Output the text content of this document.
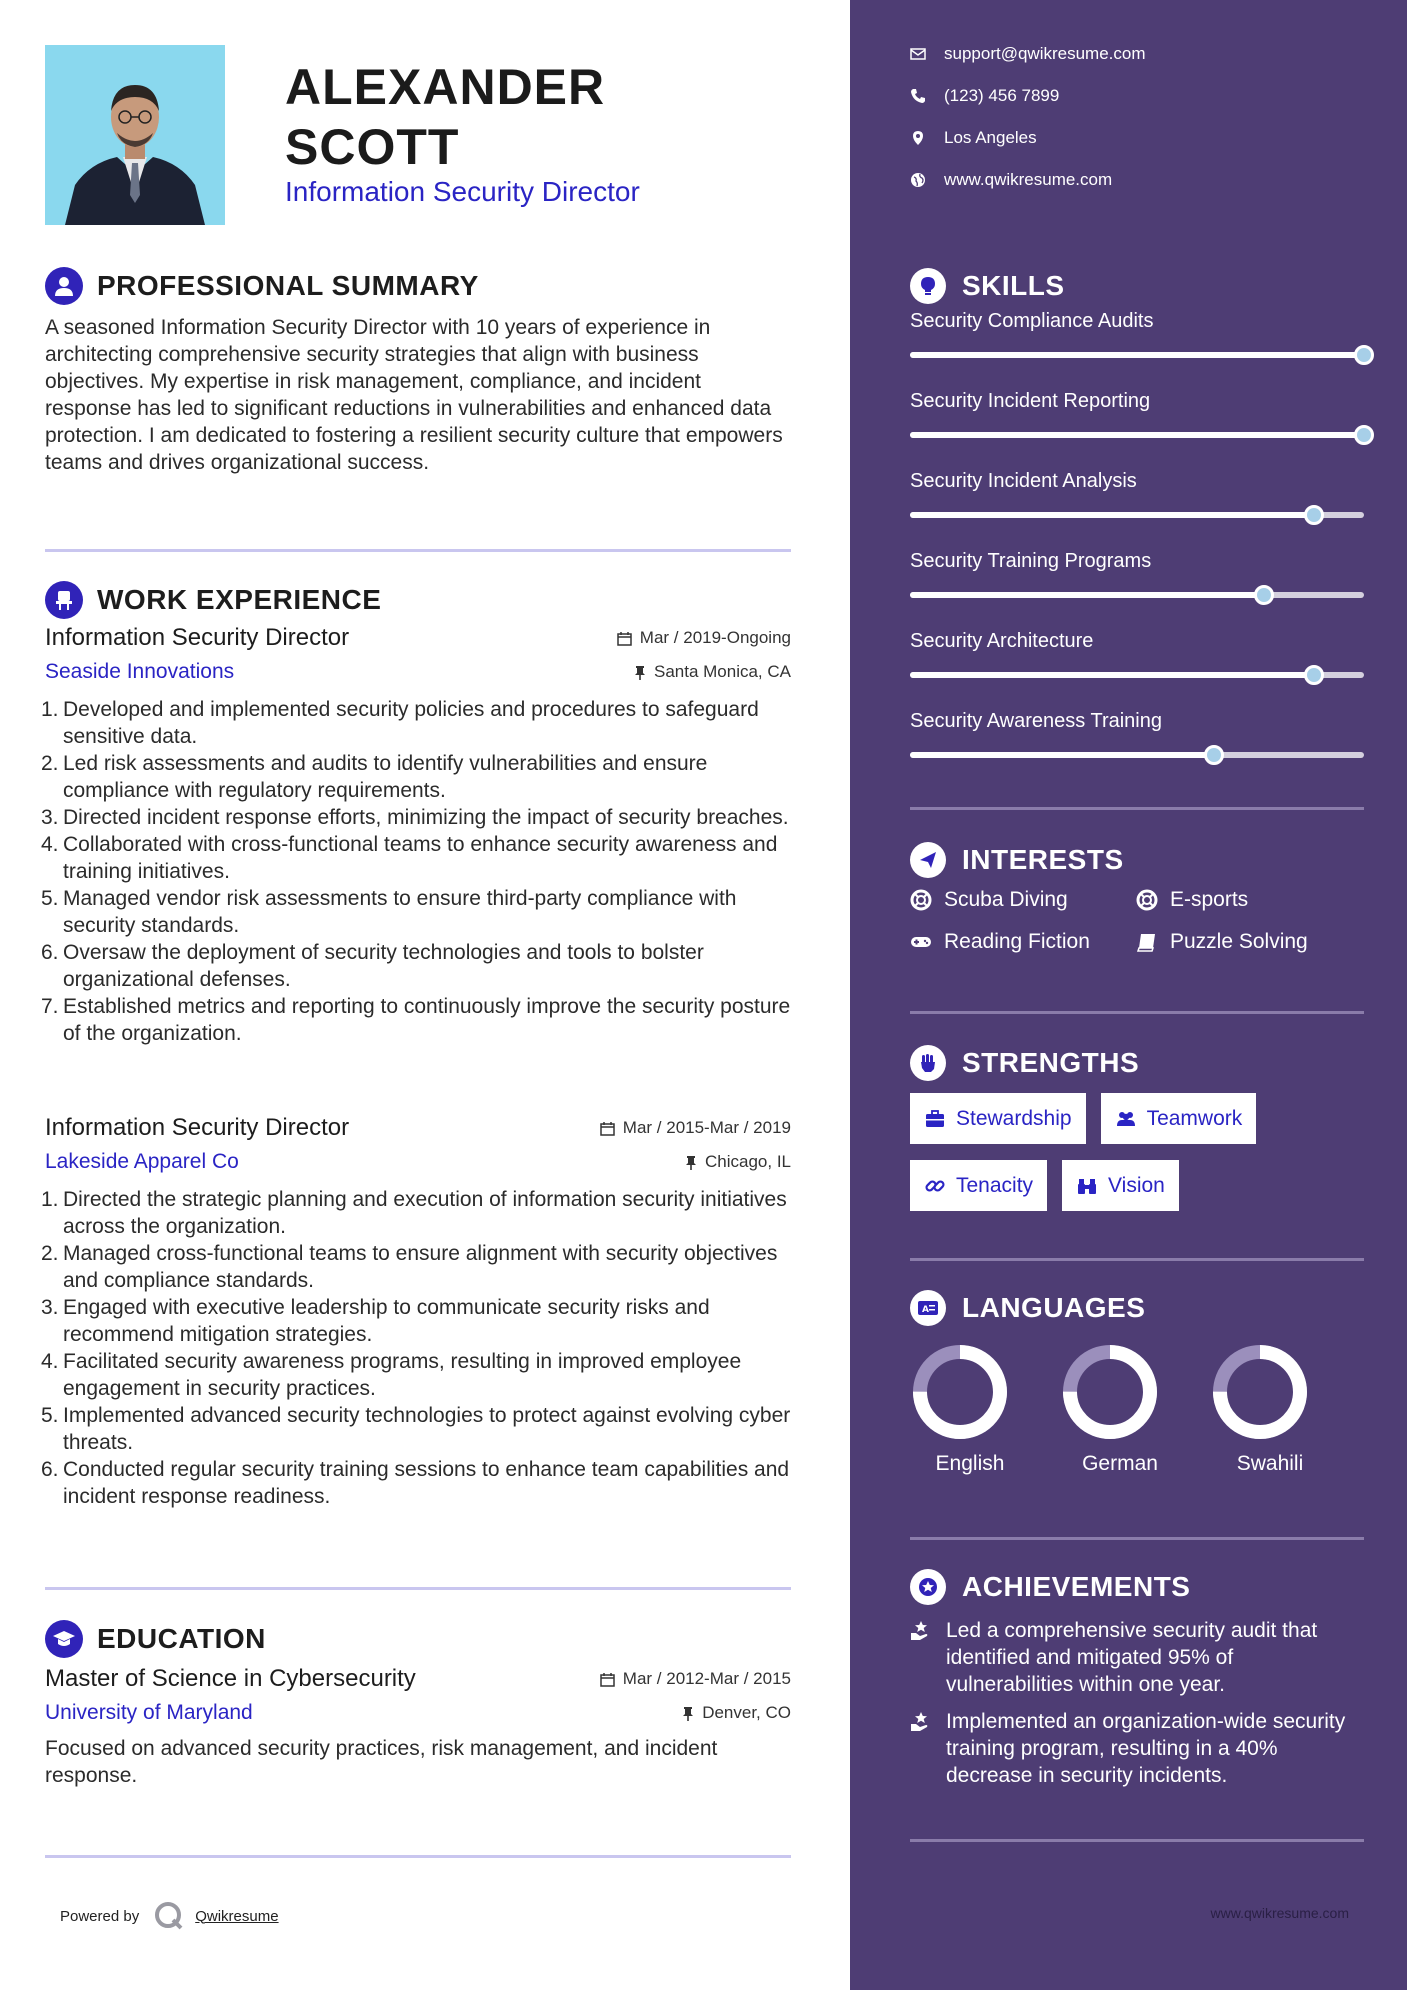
ALEXANDER
SCOTT
Information Security Director
PROFESSIONAL SUMMARY
A seasoned Information Security Director with 10 years of experience in architecting comprehensive security strategies that align with business objectives. My expertise in risk management, compliance, and incident response has led to significant reductions in vulnerabilities and enhanced data protection. I am dedicated to fostering a resilient security culture that empowers teams and drives organizational success.
WORK EXPERIENCE
Information Security Director	Mar / 2019-Ongoing
Seaside Innovations	Santa Monica, CA
1. Developed and implemented security policies and procedures to safeguard sensitive data.
2. Led risk assessments and audits to identify vulnerabilities and ensure compliance with regulatory requirements.
3. Directed incident response efforts, minimizing the impact of security breaches.
4. Collaborated with cross-functional teams to enhance security awareness and training initiatives.
5. Managed vendor risk assessments to ensure third-party compliance with security standards.
6. Oversaw the deployment of security technologies and tools to bolster organizational defenses.
7. Established metrics and reporting to continuously improve the security posture of the organization.
Information Security Director	Mar / 2015-Mar / 2019
Lakeside Apparel Co	Chicago, IL
1. Directed the strategic planning and execution of information security initiatives across the organization.
2. Managed cross-functional teams to ensure alignment with security objectives and compliance standards.
3. Engaged with executive leadership to communicate security risks and recommend mitigation strategies.
4. Facilitated security awareness programs, resulting in improved employee engagement in security practices.
5. Implemented advanced security technologies to protect against evolving cyber threats.
6. Conducted regular security training sessions to enhance team capabilities and incident response readiness.
EDUCATION
Master of Science in Cybersecurity	Mar / 2012-Mar / 2015
University of Maryland	Denver, CO
Focused on advanced security practices, risk management, and incident response.
Powered by	Qwikresume
support@qwikresume.com
(123) 456 7899
Los Angeles
www.qwikresume.com
SKILLS
Security Compliance Audits
Security Incident Reporting
Security Incident Analysis
Security Training Programs
Security Architecture
Security Awareness Training
INTERESTS
Scuba Diving	E-sports
Reading Fiction	Puzzle Solving
STRENGTHS
Stewardship	Teamwork
Tenacity	Vision
A LANGUAGES
English	German	Swahili
ACHIEVEMENTS
Led a comprehensive security audit that identified and mitigated 95% of vulnerabilities within one year.
Implemented an organization-wide security training program, resulting in a 40% decrease in security incidents.
www.qwikresume.com
